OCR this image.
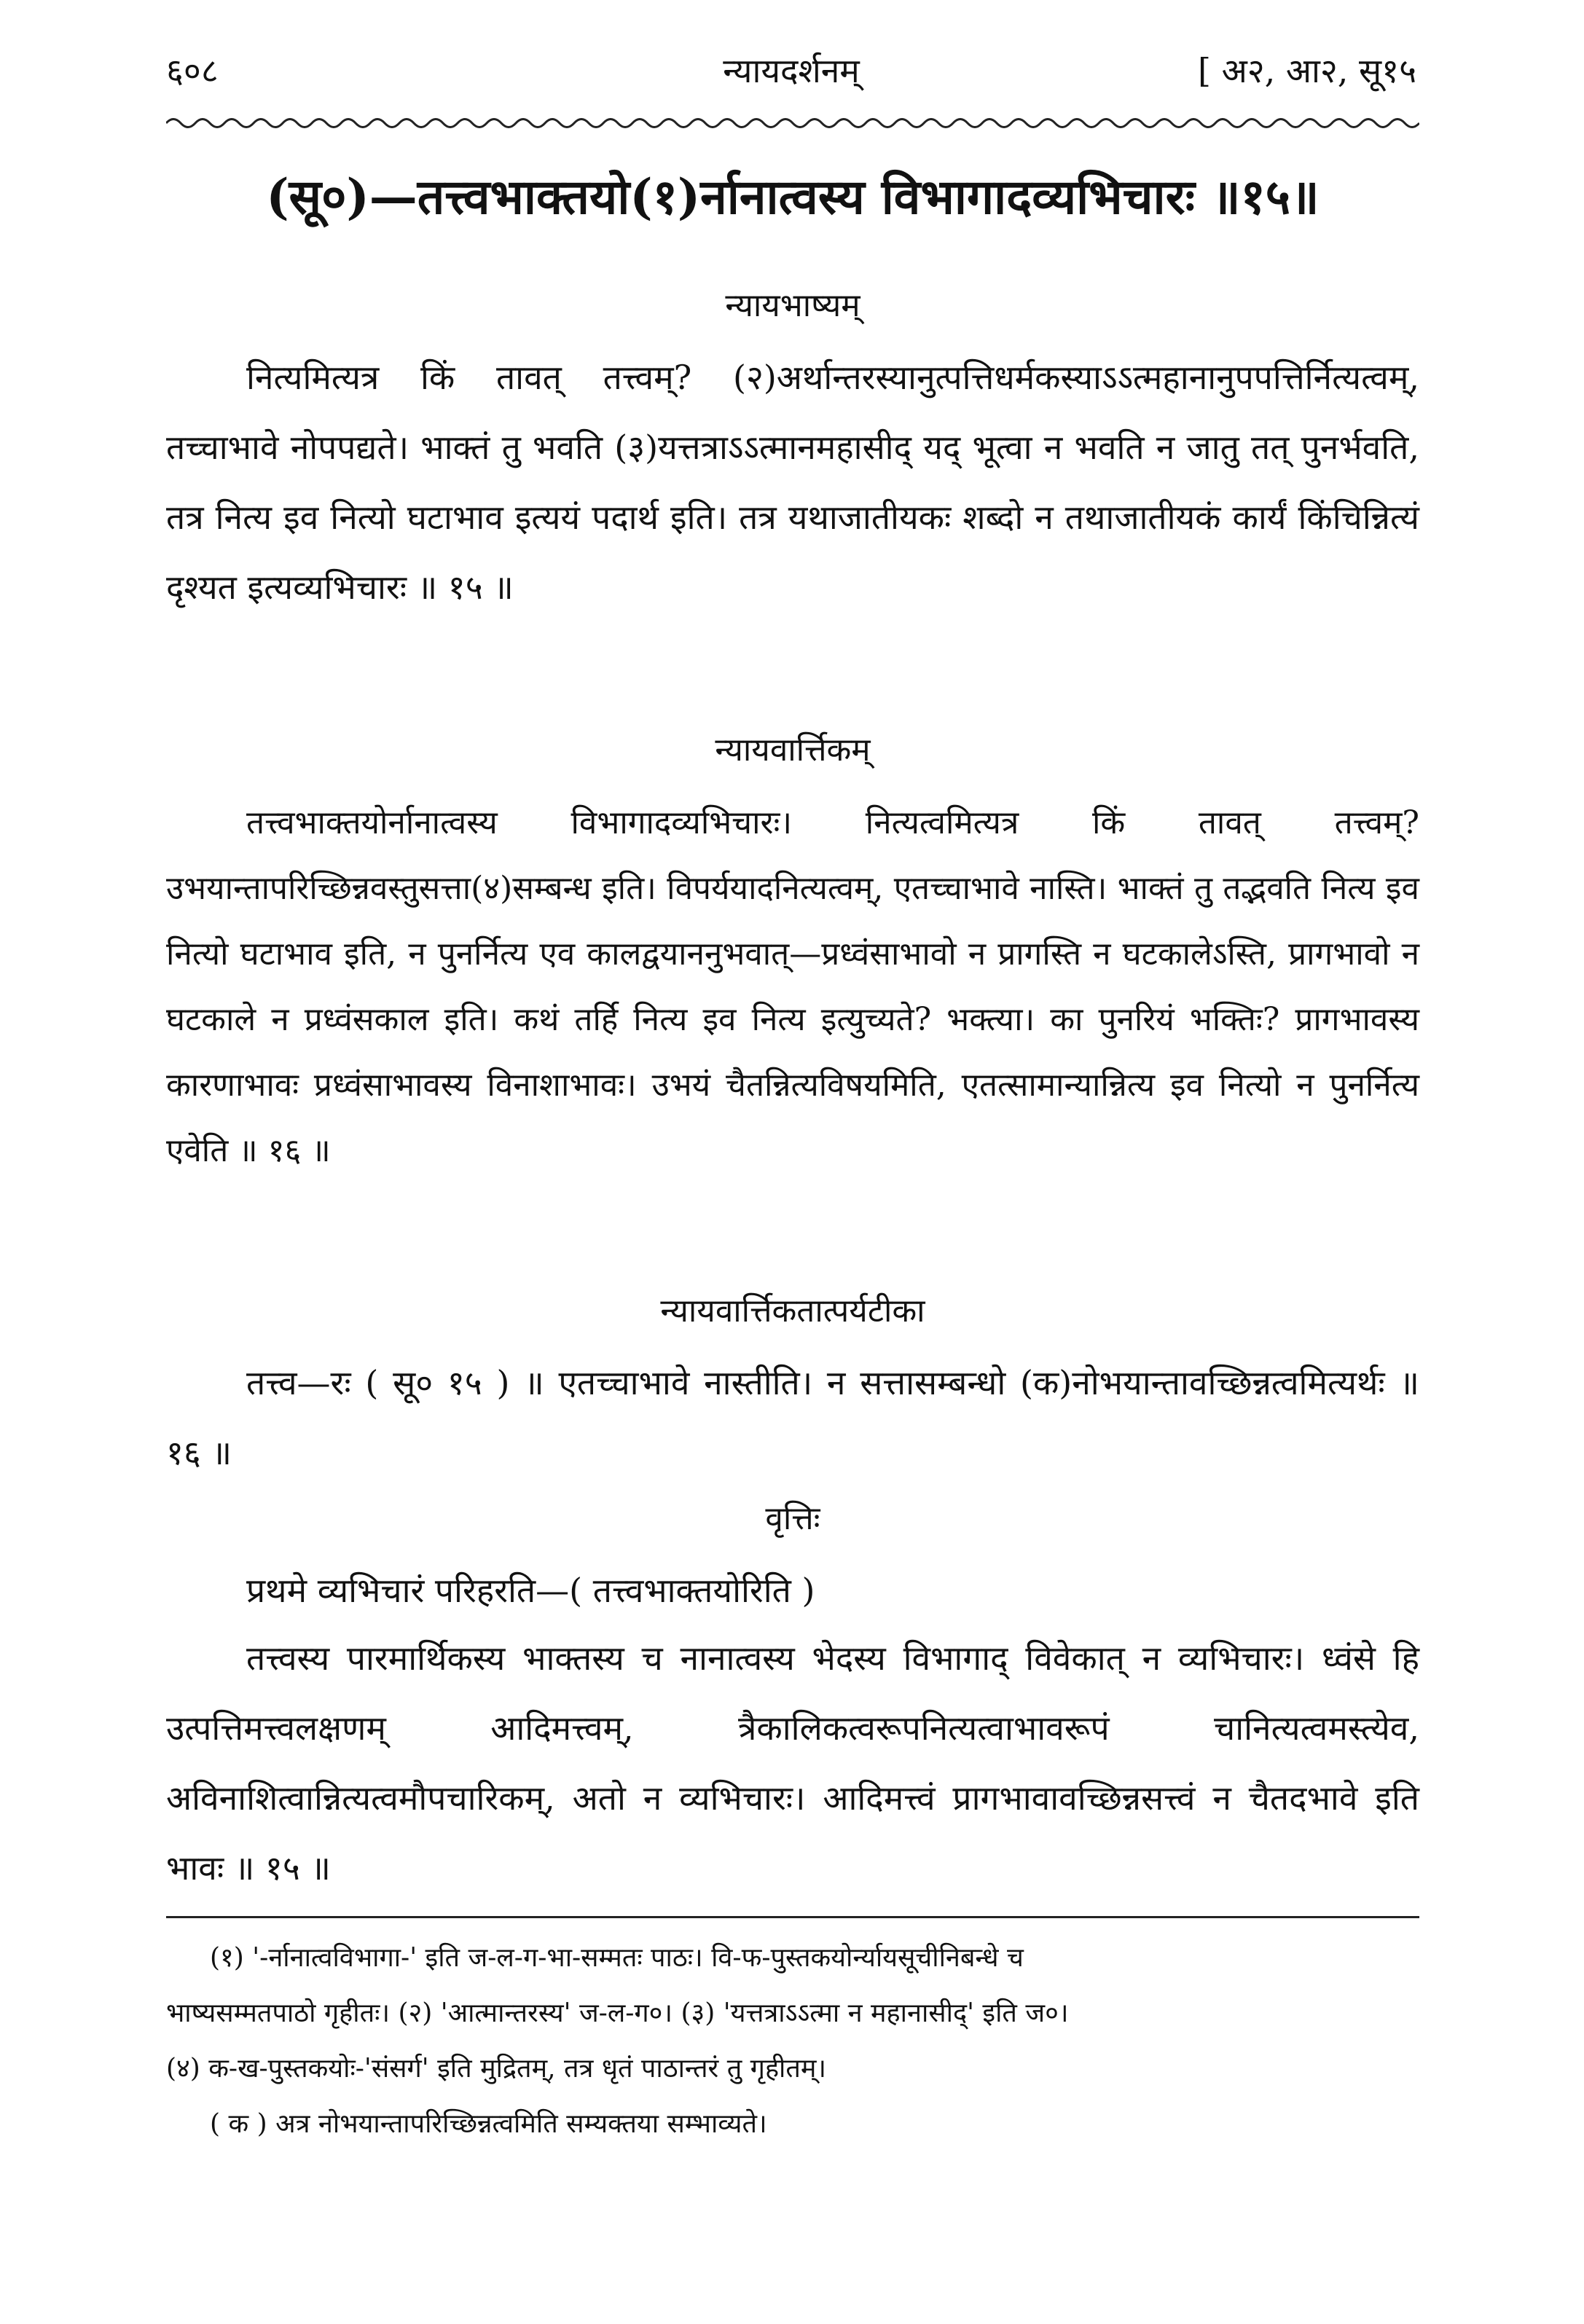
६०८	न्यायदर्शनम्	[ अ२, आ२, सू१५
(सू०)—तत्त्वभाक्तयो(१)र्नानात्वस्य विभागादव्यभिचारः ॥१५॥
न्यायभाष्यम्
नित्यमित्यत्र किं तावत् तत्त्वम्? (२)अर्थान्तरस्यानुत्पत्तिधर्मकस्याऽऽत्महानानुपपत्तिर्नित्यत्वम्, तच्चाभावे नोपपद्यते। भाक्तं तु भवति (३)यत्तत्राऽऽत्मानमहासीद् यद् भूत्वा न भवति न जातु तत् पुनर्भवति, तत्र नित्य इव नित्यो घटाभाव इत्ययं पदार्थ इति। तत्र यथाजातीयकः शब्दो न तथाजातीयकं कार्यं किंचिन्नित्यं दृश्यत इत्यव्यभिचारः ॥ १५ ॥
न्यायवार्त्तिकम्
तत्त्वभाक्तयोर्नानात्वस्य विभागादव्यभिचारः। नित्यत्वमित्यत्र किं तावत् तत्त्वम्? उभयान्तापरिच्छिन्नवस्तुसत्ता(४)सम्बन्ध इति। विपर्ययादनित्यत्वम्, एतच्चाभावे नास्ति। भाक्तं तु तद्भवति नित्य इव नित्यो घटाभाव इति, न पुनर्नित्य एव कालद्वयाननुभवात्—प्रध्वंसाभावो न प्रागस्ति न घटकालेऽस्ति, प्रागभावो न घटकाले न प्रध्वंसकाल इति। कथं तर्हि नित्य इव नित्य इत्युच्यते? भक्त्या। का पुनरियं भक्तिः? प्रागभावस्य कारणाभावः प्रध्वंसाभावस्य विनाशाभावः। उभयं चैतन्नित्यविषयमिति, एतत्सामान्यान्नित्य इव नित्यो न पुनर्नित्य एवेति ॥ १६ ॥
न्यायवार्त्तिकतात्पर्यटीका
तत्त्व—रः ( सू० १५ ) ॥ एतच्चाभावे नास्तीति। न सत्तासम्बन्धो (क)नोभयान्तावच्छिन्नत्वमित्यर्थः ॥ १६ ॥
वृत्तिः
प्रथमे व्यभिचारं परिहरति—( तत्त्वभाक्तयोरिति )
तत्त्वस्य पारमार्थिकस्य भाक्तस्य च नानात्वस्य भेदस्य विभागाद् विवेकात् न व्यभिचारः। ध्वंसे हि उत्पत्तिमत्त्वलक्षणम् आदिमत्त्वम्, त्रैकालिकत्वरूपनित्यत्वाभावरूपं चानित्यत्वमस्त्येव, अविनाशित्वान्नित्यत्वमौपचारिकम्, अतो न व्यभिचारः। आदिमत्त्वं प्रागभावावच्छिन्नसत्त्वं न चैतदभावे इति भावः ॥ १५ ॥
(१) '-र्नानात्वविभागा-' इति ज-ल-ग-भा-सम्मतः पाठः। वि-फ-पुस्तकयोर्न्यायसूचीनिबन्धे च
भाष्यसम्मतपाठो गृहीतः। (२) 'आत्मान्तरस्य' ज-ल-ग०। (३) 'यत्तत्राऽऽत्मा न महानासीद्' इति ज०।
(४) क-ख-पुस्तकयोः-'संसर्ग' इति मुद्रितम्, तत्र धृतं पाठान्तरं तु गृहीतम्।
( क ) अत्र नोभयान्तापरिच्छिन्नत्वमिति सम्यक्तया सम्भाव्यते।
